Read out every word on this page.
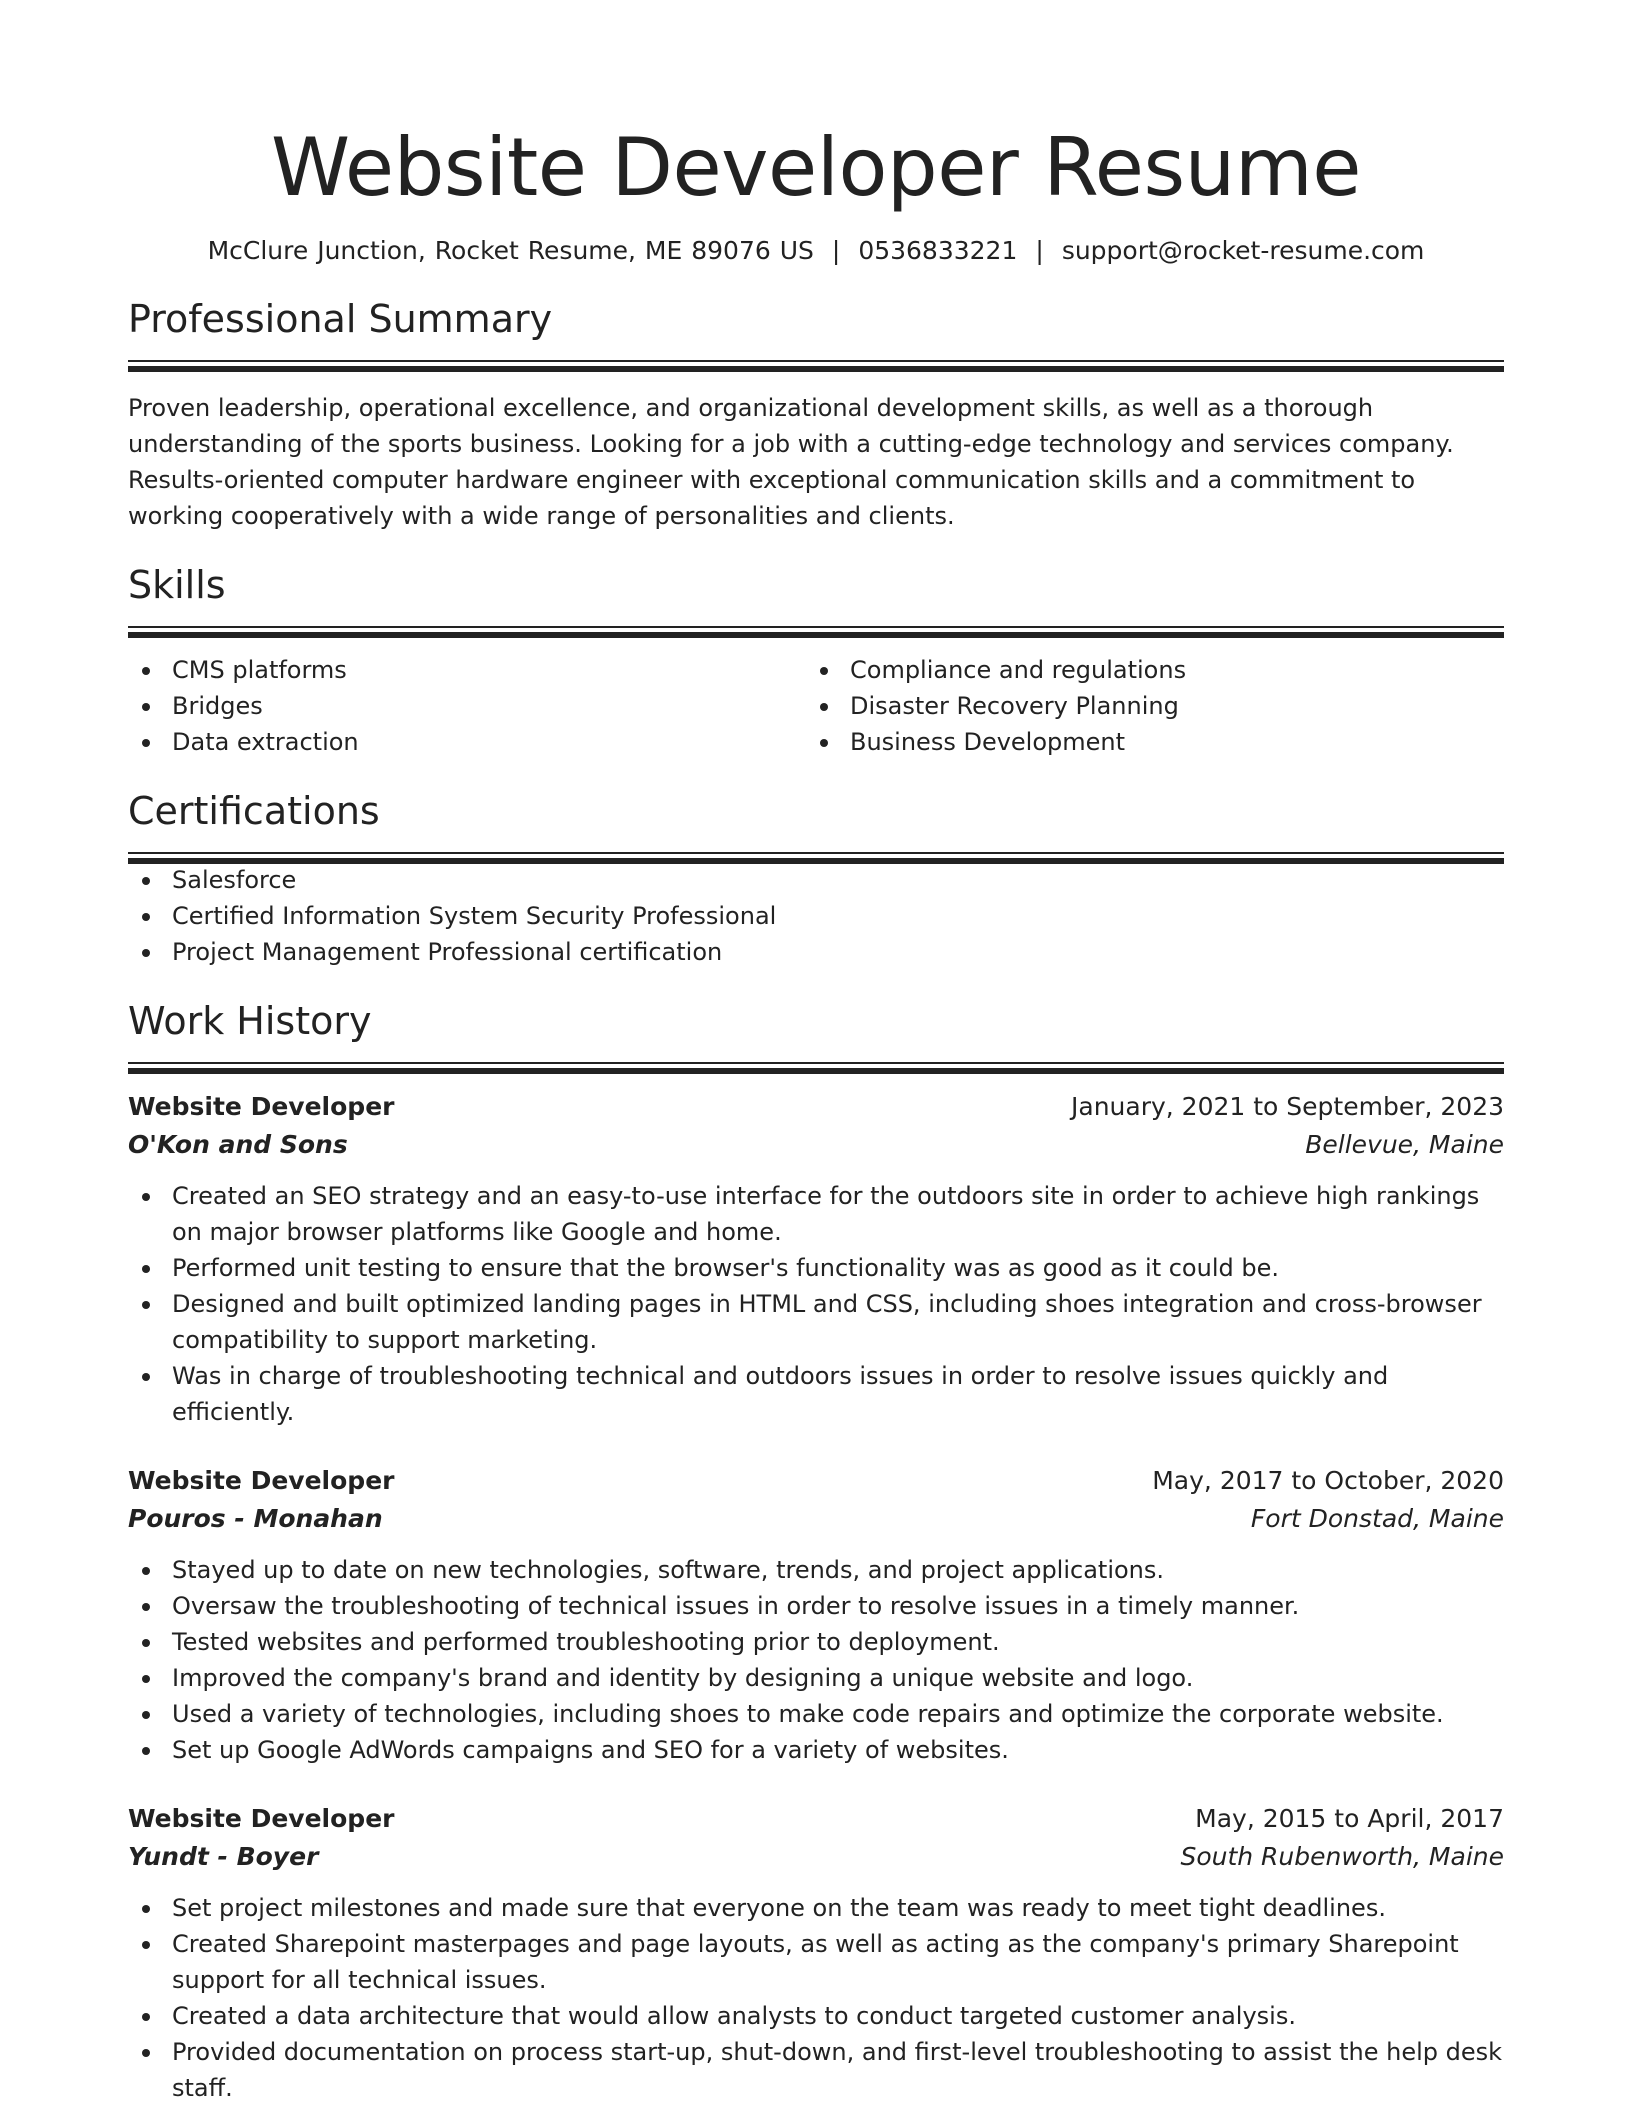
Website Developer Resume
McClure Junction, Rocket Resume, ME 89076 US | 0536833221 | support@rocket-resume.com
Professional Summary
Proven leadership, operational excellence, and organizational development skills, as well as a thorough understanding of the sports business. Looking for a job with a cutting-edge technology and services company. Results-oriented computer hardware engineer with exceptional communication skills and a commitment to working cooperatively with a wide range of personalities and clients.
Skills
CMS platforms
Bridges
Data extraction
Compliance and regulations
Disaster Recovery Planning
Business Development
Certifications
Salesforce
Certified Information System Security Professional
Project Management Professional certification
Work History
Website Developer	January, 2021 to September, 2023
O'Kon and Sons	Bellevue, Maine
Created an SEO strategy and an easy-to-use interface for the outdoors site in order to achieve high rankings on major browser platforms like Google and home.
Performed unit testing to ensure that the browser's functionality was as good as it could be.
Designed and built optimized landing pages in HTML and CSS, including shoes integration and cross-browser compatibility to support marketing.
Was in charge of troubleshooting technical and outdoors issues in order to resolve issues quickly and efficiently.
Website Developer	May, 2017 to October, 2020
Pouros - Monahan	Fort Donstad, Maine
Stayed up to date on new technologies, software, trends, and project applications.
Oversaw the troubleshooting of technical issues in order to resolve issues in a timely manner.
Tested websites and performed troubleshooting prior to deployment.
Improved the company's brand and identity by designing a unique website and logo.
Used a variety of technologies, including shoes to make code repairs and optimize the corporate website.
Set up Google AdWords campaigns and SEO for a variety of websites.
Website Developer	May, 2015 to April, 2017
Yundt - Boyer	South Rubenworth, Maine
Set project milestones and made sure that everyone on the team was ready to meet tight deadlines.
Created Sharepoint masterpages and page layouts, as well as acting as the company's primary Sharepoint support for all technical issues.
Created a data architecture that would allow analysts to conduct targeted customer analysis.
Provided documentation on process start-up, shut-down, and first-level troubleshooting to assist the help desk staff.
